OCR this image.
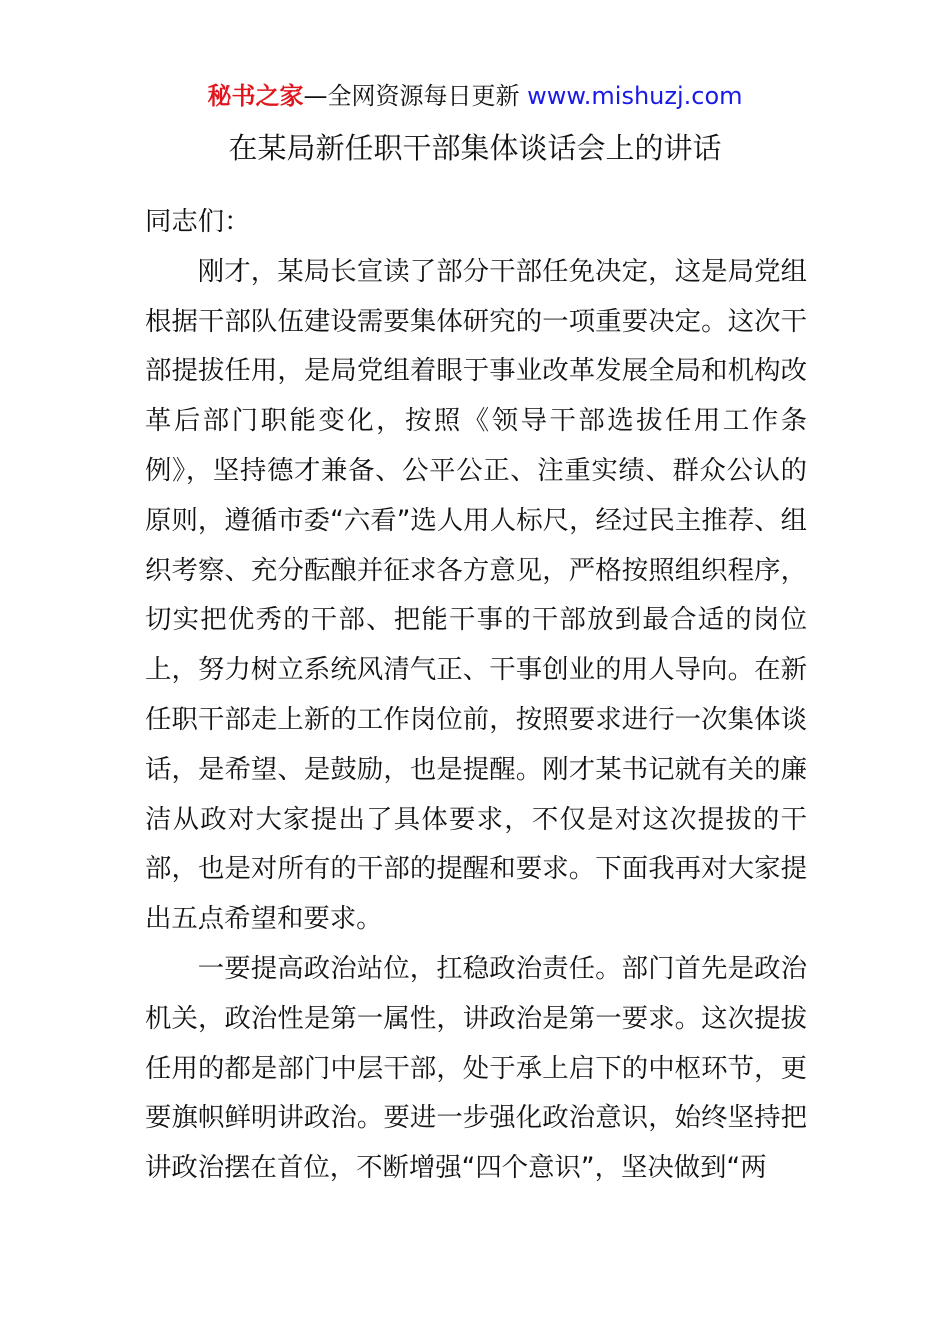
秘书之家—全网资源每日更新 www.mishuzj.com
在某局新任职干部集体谈话会上的讲话

同志们：

刚才，某局长宣读了部分干部任免决定，这是局党组根据干部队伍建设需要集体研究的一项重要决定。这次干部提拔任用，是局党组着眼于事业改革发展全局和机构改革后部门职能变化，按照《领导干部选拔任用工作条例》，坚持德才兼备、公平公正、注重实绩、群众公认的原则，遵循市委“六看”选人用人标尺，经过民主推荐、组织考察、充分酝酿并征求各方意见，严格按照组织程序，切实把优秀的干部、把能干事的干部放到最合适的岗位上，努力树立系统风清气正、干事创业的用人导向。在新任职干部走上新的工作岗位前，按照要求进行一次集体谈话，是希望、是鼓励，也是提醒。刚才某书记就有关的廉洁从政对大家提出了具体要求，不仅是对这次提拔的干部，也是对所有的干部的提醒和要求。下面我再对大家提出五点希望和要求。

一要提高政治站位，扛稳政治责任。部门首先是政治机关，政治性是第一属性，讲政治是第一要求。这次提拔任用的都是部门中层干部，处于承上启下的中枢环节，更要旗帜鲜明讲政治。要进一步强化政治意识，始终坚持把讲政治摆在首位，不断增强“四个意识”，坚决做到“两
